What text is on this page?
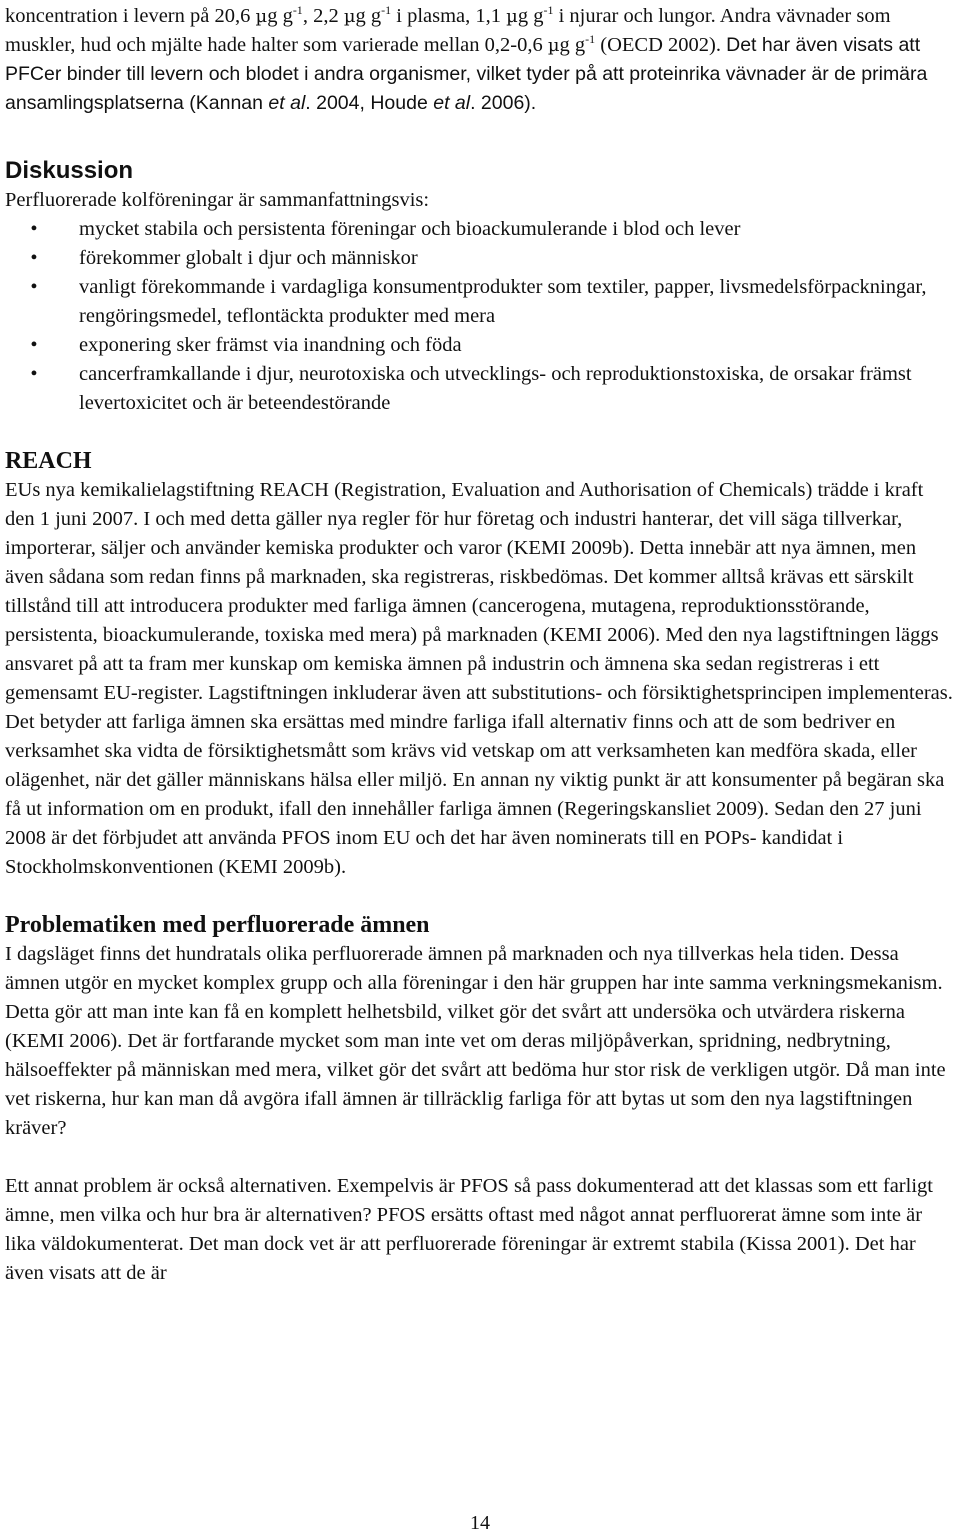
koncentration i levern på 20,6 µg $g^{-1}$, 2,2 µg $g^{-1}$ i plasma, 1,1 µg $g^{-1}$ i njurar och lungor. Andra vävnader som muskler, hud och mjälte hade halter som varierade mellan 0,2-0,6 µg $g^{-1}$ (OECD 2002). Det har även visats att PFCer binder till levern och blodet i andra organismer, vilket tyder på att proteinrika vävnader är de primära ansamlingsplatserna (Kannan et al. 2004, Houde et al. 2006).

Diskussion

Perfluorerade kolföreningar är sammanfattningsvis:

• mycket stabila och persistenta föreningar och bioackumulerande i blod och lever
• förekommer globalt i djur och människor
• vanligt förekommande i vardagliga konsumentprodukter som textiler, papper, livsmedelsförpackningar, rengöringsmedel, teflontäckta produkter med mera
• exponering sker främst via inandning och föda
• cancerframkallande i djur, neurotoxiska och utvecklings- och reproduktionstoxiska, de orsakar främst levertoxicitet och är beteendestörande
REACH

EUs nya kemikalielagstiftning REACH (Registration, Evaluation and Authorisation of Chemicals) trädde i kraft den 1 juni 2007. I och med detta gäller nya regler för hur företag och industri hanterar, det vill säga tillverkar, importerar, säljer och använder kemiska produkter och varor (KEMI 2009b). Detta innebär att nya ämnen, men även sådana som redan finns på marknaden, ska registreras, riskbedömas. Det kommer alltså krävas ett särskilt tillstånd till att introducera produkter med farliga ämnen (cancerogena, mutagena, reproduktionsstörande, persistenta, bioackumulerande, toxiska med mera) på marknaden (KEMI 2006). Med den nya lagstiftningen läggs ansvaret på att ta fram mer kunskap om kemiska ämnen på industrin och ämnena ska sedan registreras i ett gemensamt EU-register. Lagstiftningen inkluderar även att substitutions- och försiktighetsprincipen implementeras. Det betyder att farliga ämnen ska ersättas med mindre farliga ifall alternativ finns och att de som bedriver en verksamhet ska vidta de försiktighetsmått som krävs vid vetskap om att verksamheten kan medföra skada, eller olägenhet, när det gäller människans hälsa eller miljö. En annan ny viktig punkt är att konsumenter på begäran ska få ut information om en produkt, ifall den innehåller farliga ämnen (Regeringskansliet 2009). Sedan den 27 juni 2008 är det förbjudet att använda PFOS inom EU och det har även nominerats till en POPs- kandidat i Stockholmskonventionen (KEMI 2009b).

Problematiken med perfluorerade ämnen

I dagsläget finns det hundratals olika perfluorerade ämnen på marknaden och nya tillverkas hela tiden. Dessa ämnen utgör en mycket komplex grupp och alla föreningar i den här gruppen har inte samma verkningsmekanism. Detta gör att man inte kan få en komplett helhetsbild, vilket gör det svårt att undersöka och utvärdera riskerna (KEMI 2006). Det är fortfarande mycket som man inte vet om deras miljöpåverkan, spridning, nedbrytning, hälsoeffekter på människan med mera, vilket gör det svårt att bedöma hur stor risk de verkligen utgör. Då man inte vet riskerna, hur kan man då avgöra ifall ämnen är tillräcklig farliga för att bytas ut som den nya lagstiftningen kräver?

Ett annat problem är också alternativen. Exempelvis är PFOS så pass dokumenterad att det klassas som ett farligt ämne, men vilka och hur bra är alternativen? PFOS ersätts oftast med något annat perfluorerat ämne som inte är lika väldokumenterat. Det man dock vet är att perfluorerade föreningar är extremt stabila (Kissa 2001). Det har även visats att de är

14
